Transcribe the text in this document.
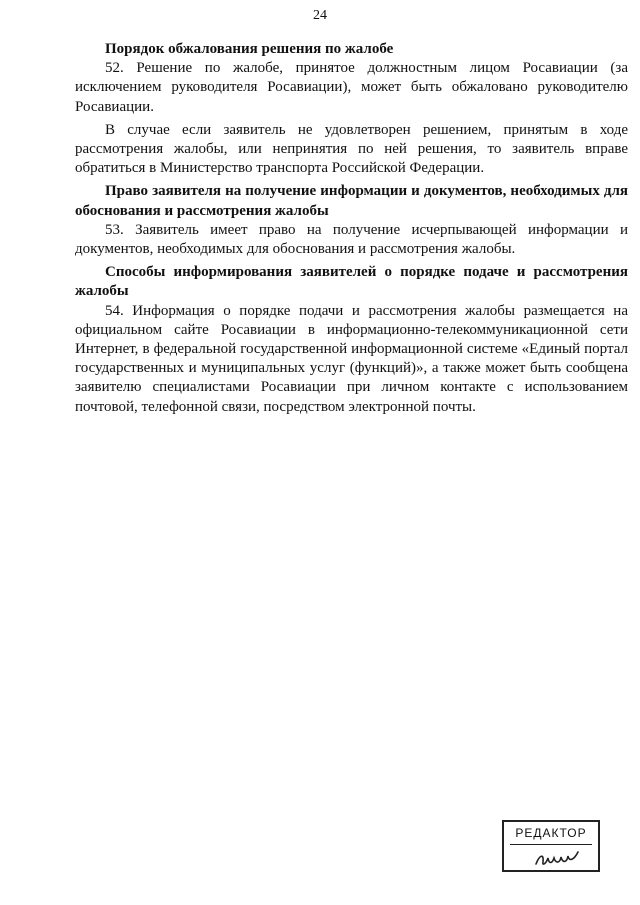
24

Порядок обжалования решения по жалобе

52. Решение по жалобе, принятое должностным лицом Росавиации (за исключением руководителя Росавиации), может быть обжаловано руководителю Росавиации.

В случае если заявитель не удовлетворен решением, принятым в ходе рассмотрения жалобы, или непринятия по ней решения, то заявитель вправе обратиться в Министерство транспорта Российской Федерации.

Право заявителя на получение информации и документов, необходимых для обоснования и рассмотрения жалобы

53. Заявитель имеет право на получение исчерпывающей информации и документов, необходимых для обоснования и рассмотрения жалобы.

Способы информирования заявителей о порядке подаче и рассмотрения жалобы

54. Информация о порядке подачи и рассмотрения жалобы размещается на официальном сайте Росавиации в информационно-телекоммуникационной сети Интернет, в федеральной государственной информационной системе «Единый портал государственных и муниципальных услуг (функций)», а также может быть сообщена заявителю специалистами Росавиации при личном контакте с использованием почтовой, телефонной связи, посредством электронной почты.

РЕДАКТОР
